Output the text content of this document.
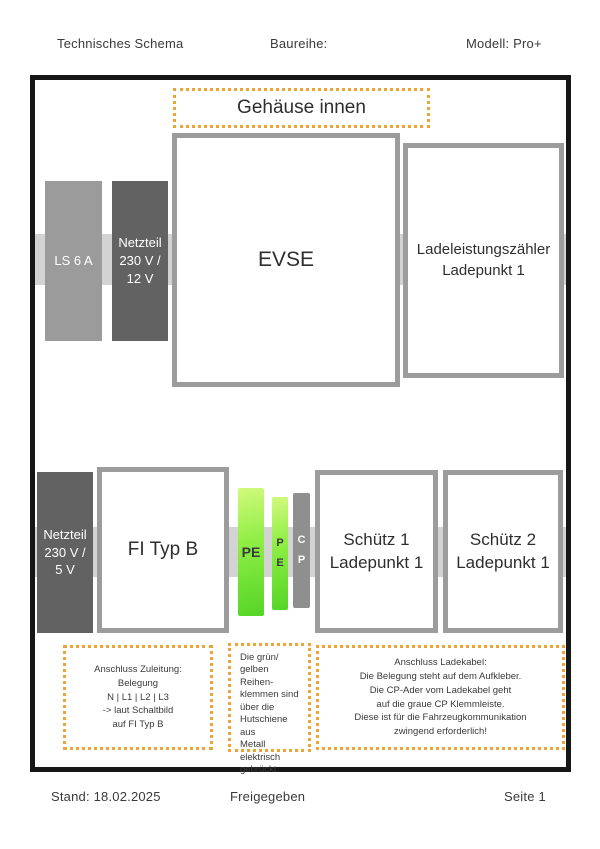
Technisches Schema	Baureihe:	Modell: Pro+
Gehäuse innen
LS 6 A
Netzteil
230 V /
12 V
EVSE	Ladeleistungszähler
Ladepunkt 1
Netzteil
230 V /
5 V
FI Typ B	PE
P
E
C
P
Schütz 1
Ladepunkt 1
Schütz 2
Ladepunkt 1
Anschluss Zuleitung:
Belegung
N | L1 | L2 | L3
-> laut Schaltbild
auf FI Typ B
Die grün/
gelben Reihen-
klemmen sind
über die
Hutschiene aus
Metall
elektrisch
gebrückt.
Anschluss Ladekabel:
Die Belegung steht auf dem Aufkleber.
Die CP-Ader vom Ladekabel geht
auf die graue CP Klemmleiste.
Diese ist für die Fahrzeugkommunikation
zwingend erforderlich!
Stand: 18.02.2025	Freigegeben	Seite 1
